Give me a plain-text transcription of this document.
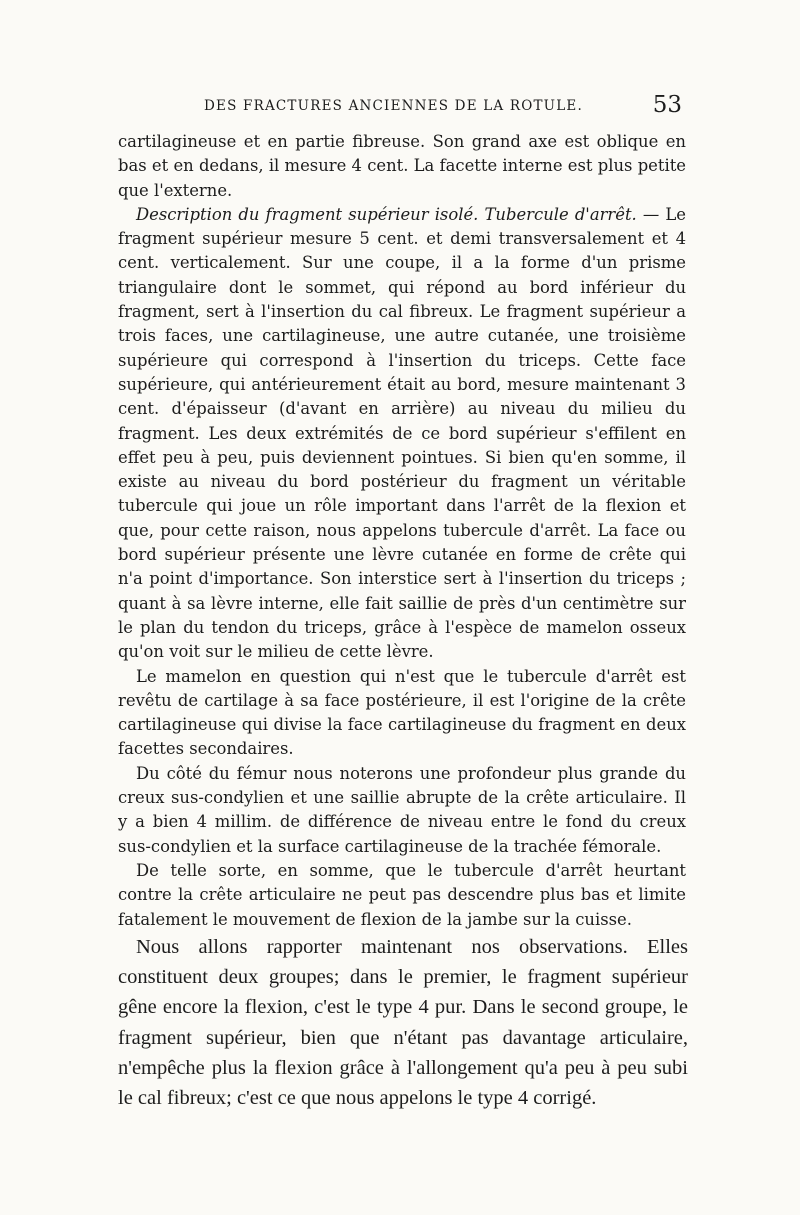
DES FRACTURES ANCIENNES DE LA ROTULE.	53

cartilagineuse et en partie fibreuse. Son grand axe est oblique en bas et en dedans, il mesure 4 cent. La facette interne est plus petite que l'externe.

Description du fragment supérieur isolé. Tubercule d'arrêt. — Le fragment supérieur mesure 5 cent. et demi transversalement et 4 cent. verticalement. Sur une coupe, il a la forme d'un prisme triangulaire dont le sommet, qui répond au bord inférieur du fragment, sert à l'insertion du cal fibreux. Le fragment supérieur a trois faces, une cartilagineuse, une autre cutanée, une troisième supérieure qui correspond à l'insertion du triceps. Cette face supérieure, qui antérieurement était au bord, mesure maintenant 3 cent. d'épaisseur (d'avant en arrière) au niveau du milieu du fragment. Les deux extrémités de ce bord supérieur s'effilent en effet peu à peu, puis deviennent pointues. Si bien qu'en somme, il existe au niveau du bord postérieur du fragment un véritable tubercule qui joue un rôle important dans l'arrêt de la flexion et que, pour cette raison, nous appelons tubercule d'arrêt. La face ou bord supérieur présente une lèvre cutanée en forme de crête qui n'a point d'importance. Son interstice sert à l'insertion du triceps ; quant à sa lèvre interne, elle fait saillie de près d'un centimètre sur le plan du tendon du triceps, grâce à l'espèce de mamelon osseux qu'on voit sur le milieu de cette lèvre.

Le mamelon en question qui n'est que le tubercule d'arrêt est revêtu de cartilage à sa face postérieure, il est l'origine de la crête cartilagineuse qui divise la face cartilagineuse du fragment en deux facettes secondaires.

Du côté du fémur nous noterons une profondeur plus grande du creux sus-condylien et une saillie abrupte de la crête articulaire. Il y a bien 4 millim. de différence de niveau entre le fond du creux sus-condylien et la surface cartilagineuse de la trachée fémorale.

De telle sorte, en somme, que le tubercule d'arrêt heurtant contre la crête articulaire ne peut pas descendre plus bas et limite fatalement le mouvement de flexion de la jambe sur la cuisse.

Nous allons rapporter maintenant nos observations. Elles constituent deux groupes; dans le premier, le fragment supérieur gêne encore la flexion, c'est le type 4 pur. Dans le second groupe, le fragment supérieur, bien que n'étant pas davantage articulaire, n'empêche plus la flexion grâce à l'allongement qu'a peu à peu subi le cal fibreux; c'est ce que nous appelons le type 4 corrigé.
